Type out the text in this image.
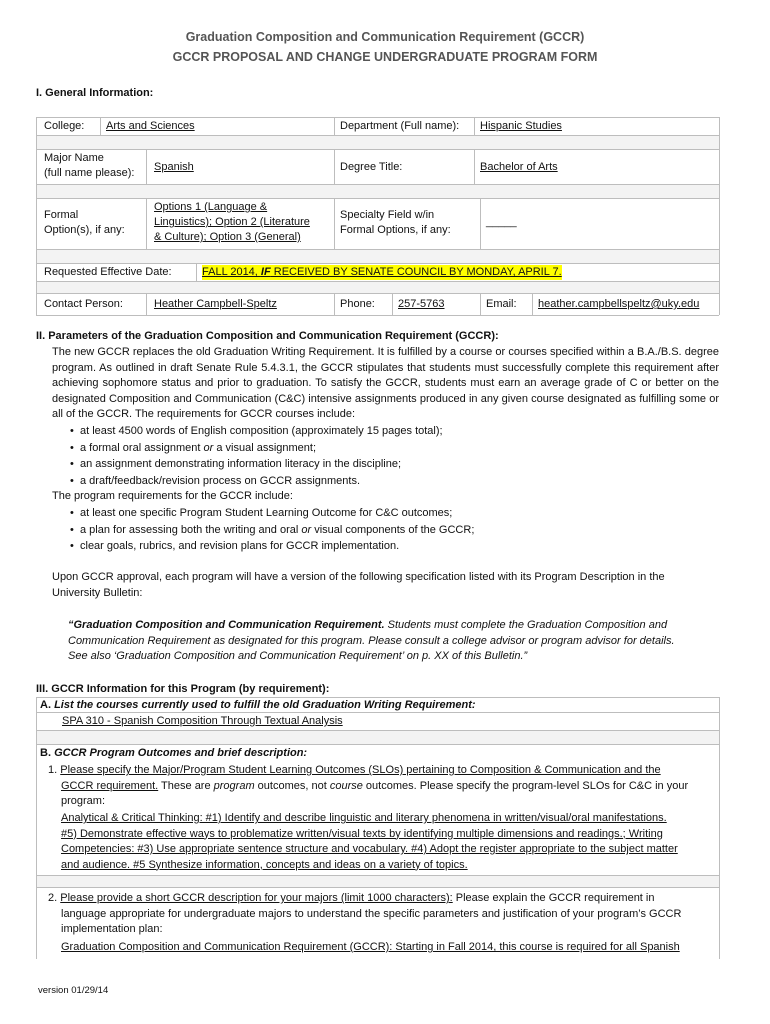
Graduation Composition and Communication Requirement (GCCR)
GCCR PROPOSAL AND CHANGE UNDERGRADUATE PROGRAM FORM
I. General Information:
College: Arts and Sciences	Department (Full name): Hispanic Studies
Major Name
(full name please): Spanish	Degree Title:	Bachelor of Arts
Formal
Option(s), if any:
Options 1 (Language &
Linguistics); Option 2 (Literature
& Culture); Option 3 (General)
Specialty Field w/in
Formal Options, if any:
_____
Requested Effective Date:	FALL 2014, IF RECEIVED BY SENATE COUNCIL BY MONDAY, APRIL 7.
Contact Person:	Heather Campbell-Speltz	Phone: 257-5763	Email: heather.campbellspeltz@uky.edu
II. Parameters of the Graduation Composition and Communication Requirement (GCCR):
The new GCCR replaces the old Graduation Writing Requirement. It is fulfilled by a course or courses specified within a B.A./B.S. degree program. As outlined in draft Senate Rule 5.4.3.1, the GCCR stipulates that students must successfully complete this requirement after achieving sophomore status and prior to graduation. To satisfy the GCCR, students must earn an average grade of C or better on the designated Composition and Communication (C&C) intensive assignments produced in any given course designated as fulfilling some or all of the GCCR. The requirements for GCCR courses include:
• at least 4500 words of English composition (approximately 15 pages total);
• a formal oral assignment or a visual assignment;
• an assignment demonstrating information literacy in the discipline;
• a draft/feedback/revision process on GCCR assignments.
The program requirements for the GCCR include:
• at least one specific Program Student Learning Outcome for C&C outcomes;
• a plan for assessing both the writing and oral or visual components of the GCCR;
• clear goals, rubrics, and revision plans for GCCR implementation.
Upon GCCR approval, each program will have a version of the following specification listed with its Program Description in the
University Bulletin:
“Graduation Composition and Communication Requirement. Students must complete the Graduation Composition and
Communication Requirement as designated for this program. Please consult a college advisor or program advisor for details.
See also ‘Graduation Composition and Communication Requirement’ on p. XX of this Bulletin.”
III. GCCR Information for this Program (by requirement):
A. List the courses currently used to fulfill the old Graduation Writing Requirement:
SPA 310 - Spanish Composition Through Textual Analysis
B. GCCR Program Outcomes and brief description:
1. Please specify the Major/Program Student Learning Outcomes (SLOs) pertaining to Composition & Communication and the
GCCR requirement. These are program outcomes, not course outcomes. Please specify the program-level SLOs for C&C in your
program:
Analytical & Critical Thinking: #1) Identify and describe linguistic and literary phenomena in written/visual/oral manifestations.
#5) Demonstrate effective ways to problematize written/visual texts by identifying multiple dimensions and readings.; Writing
Competencies: #3) Use appropriate sentence structure and vocabulary. #4) Adopt the register appropriate to the subject matter
and audience. #5 Synthesize information, concepts and ideas on a variety of topics.
2. Please provide a short GCCR description for your majors (limit 1000 characters): Please explain the GCCR requirement in
language appropriate for undergraduate majors to understand the specific parameters and justification of your program’s GCCR
implementation plan:
Graduation Composition and Communication Requirement (GCCR): Starting in Fall 2014, this course is required for all Spanish
version 01/29/14
